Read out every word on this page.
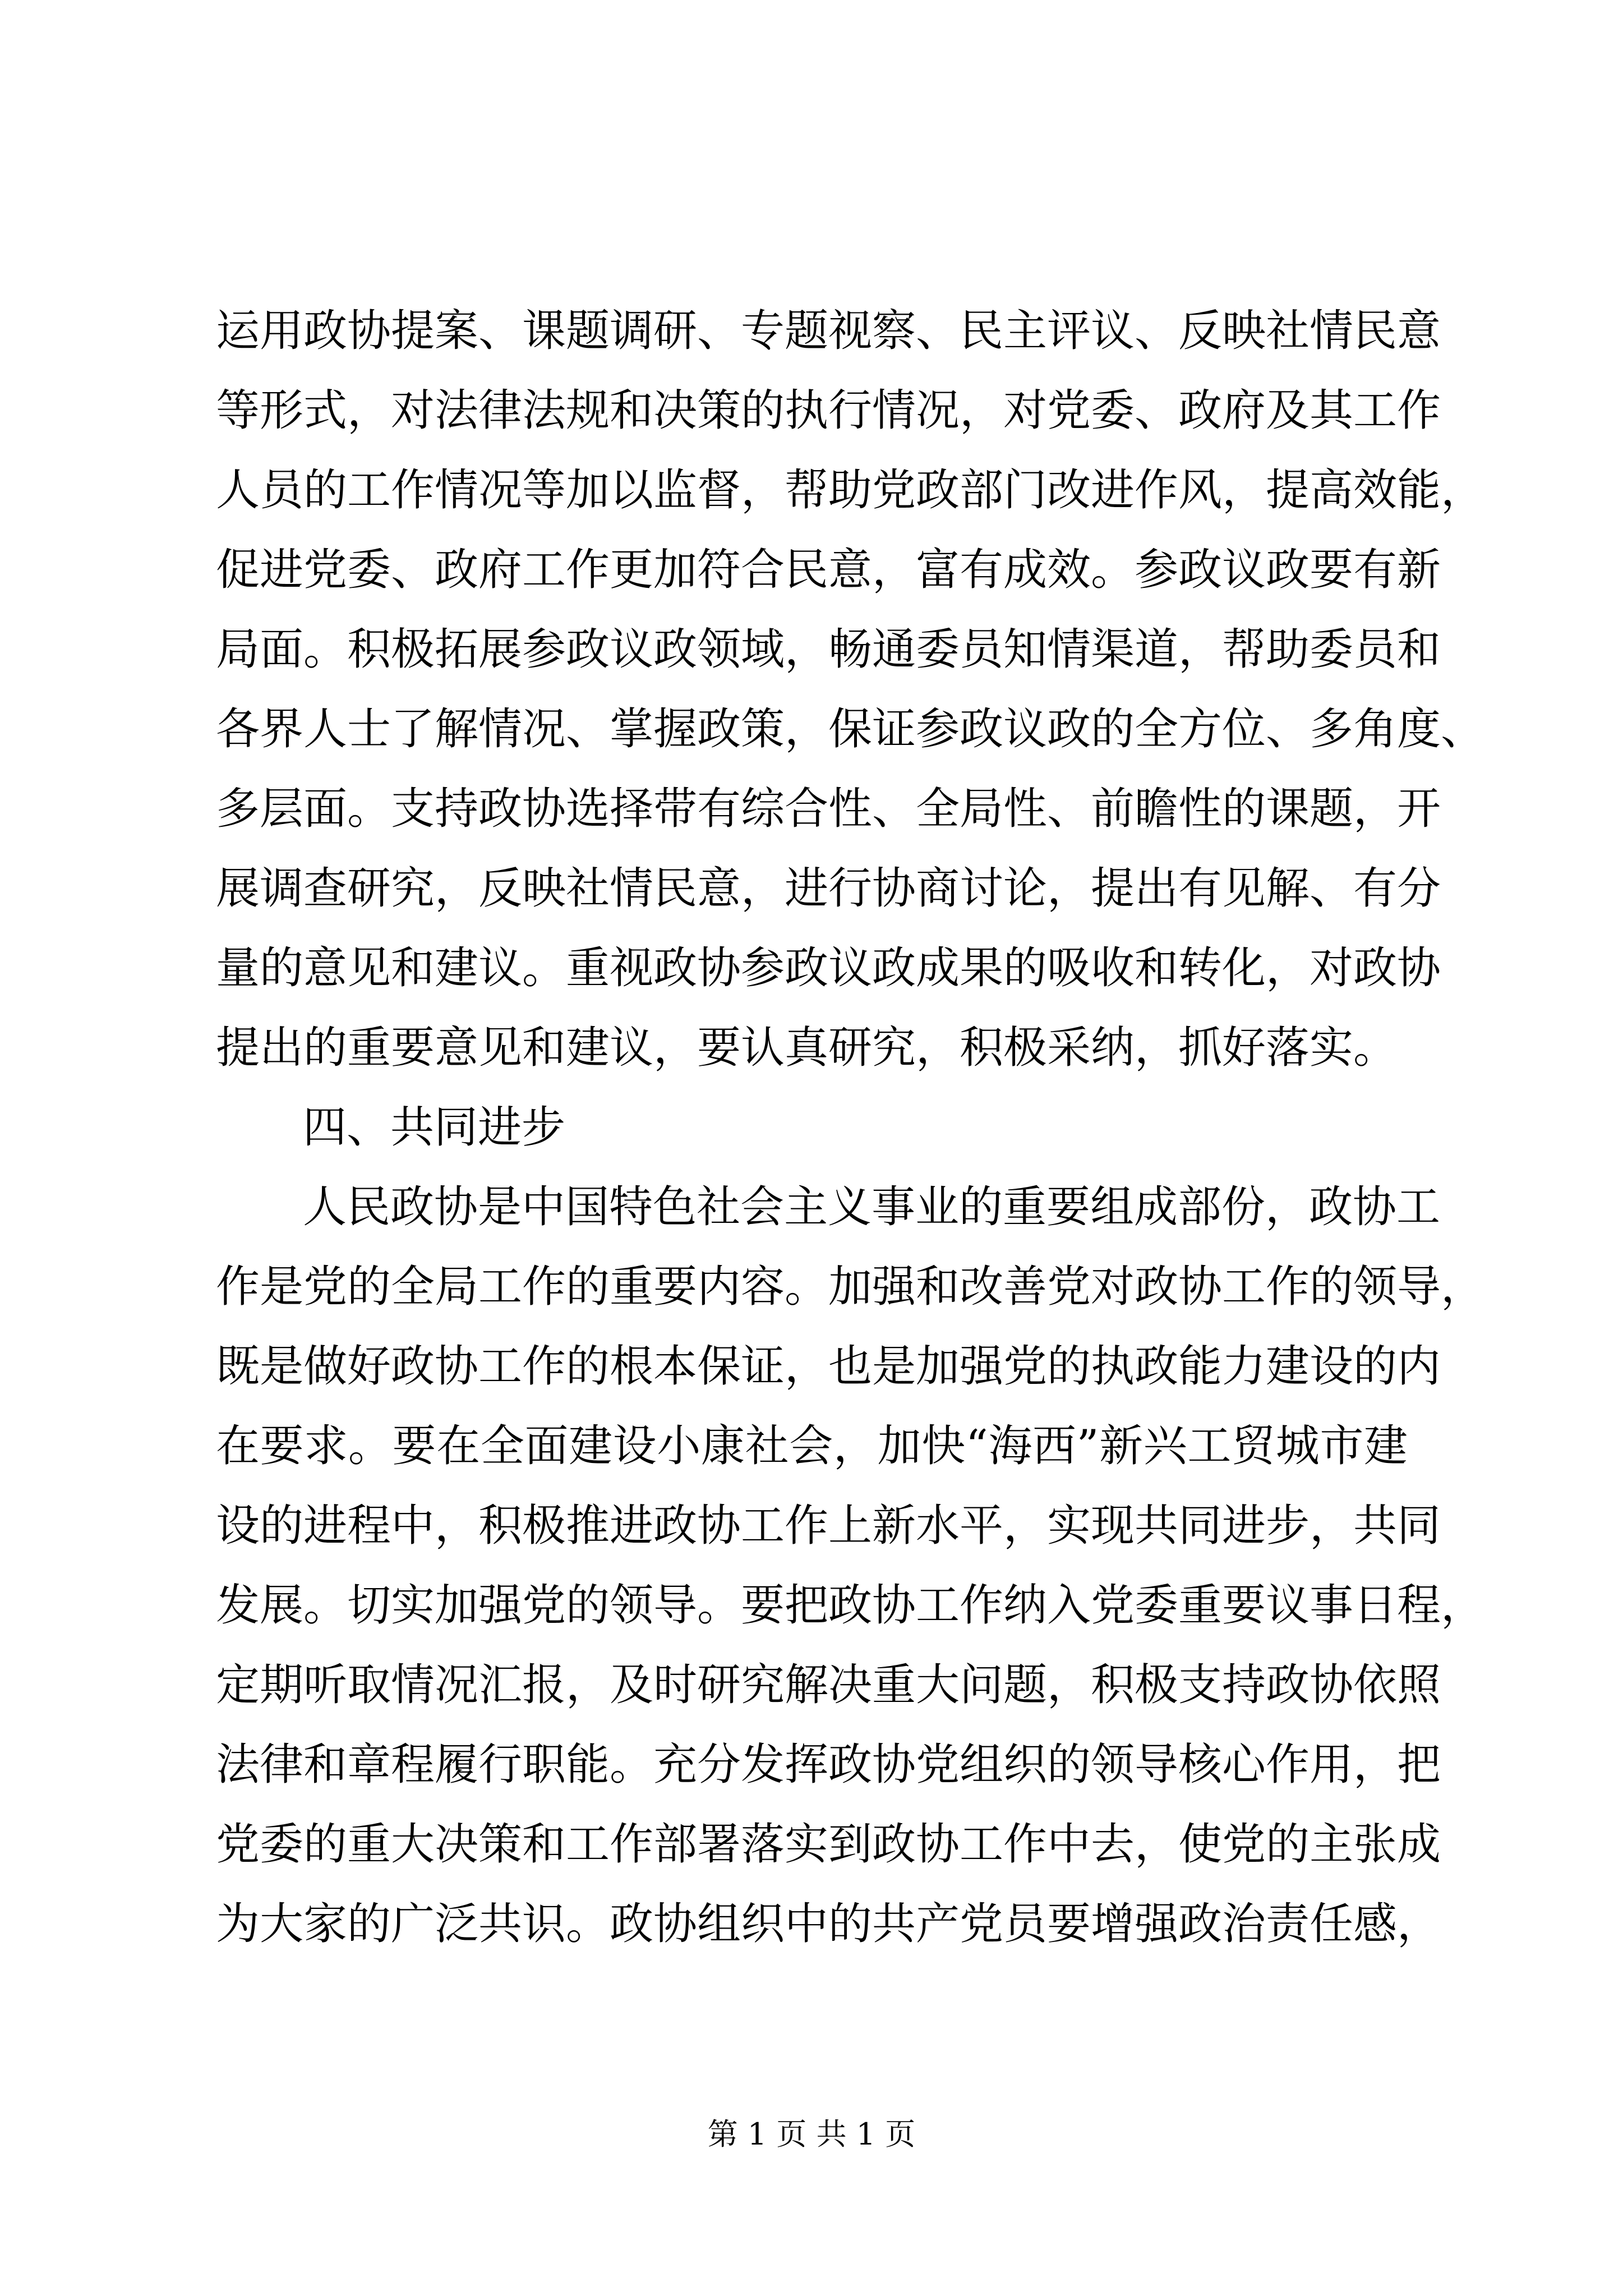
运用政协提案、课题调研、专题视察、民主评议、反映社情民意
等形式，对法律法规和决策的执行情况，对党委、政府及其工作
人员的工作情况等加以监督，帮助党政部门改进作风，提高效能，
促进党委、政府工作更加符合民意，富有成效。参政议政要有新
局面。积极拓展参政议政领域，畅通委员知情渠道，帮助委员和
各界人士了解情况、掌握政策，保证参政议政的全方位、多角度、
多层面。支持政协选择带有综合性、全局性、前瞻性的课题，开
展调查研究，反映社情民意，进行协商讨论，提出有见解、有分
量的意见和建议。重视政协参政议政成果的吸收和转化，对政协
提出的重要意见和建议，要认真研究，积极采纳，抓好落实。
四、共同进步
人民政协是中国特色社会主义事业的重要组成部份，政协工
作是党的全局工作的重要内容。加强和改善党对政协工作的领导，
既是做好政协工作的根本保证，也是加强党的执政能力建设的内
在要求。要在全面建设小康社会，加快“海西”新兴工贸城市建
设的进程中，积极推进政协工作上新水平，实现共同进步，共同
发展。切实加强党的领导。要把政协工作纳入党委重要议事日程，
定期听取情况汇报，及时研究解决重大问题，积极支持政协依照
法律和章程履行职能。充分发挥政协党组织的领导核心作用，把
党委的重大决策和工作部署落实到政协工作中去，使党的主张成
为大家的广泛共识。政协组织中的共产党员要增强政治责任感，
第 1 页 共 1 页
